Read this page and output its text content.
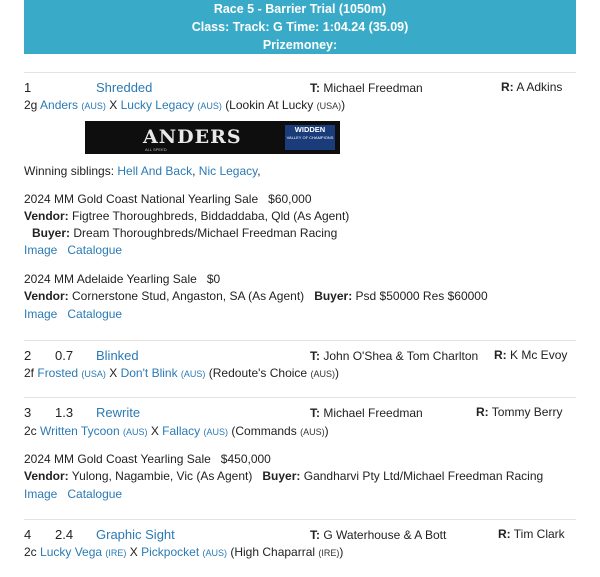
Race 5 - Barrier Trial (1050m)
Class: Track: G Time: 1:04.24 (35.09)
Prizemoney:
1	Shredded	T: Michael Freedman	R: A Adkins
2g Anders (AUS) X Lucky Legacy (AUS) (Lookin At Lucky (USA))
ANDERS
ALL SPEED
WIDDEN
VALLEY OF CHAMPIONS
Winning siblings: Hell And Back, Nic Legacy,
2024 MM Gold Coast National Yearling Sale $60,000
Vendor: Figtree Thoroughbreds, Biddaddaba, Qld (As Agent)
Buyer: Dream Thoroughbreds/Michael Freedman Racing
Image Catalogue
2024 MM Adelaide Yearling Sale $0
Vendor: Cornerstone Stud, Angaston, SA (As Agent) Buyer: Psd $50000 Res $60000
Image Catalogue
2 0.7 Blinked	T: John O'Shea & Tom Charlton R: K Mc Evoy
2f Frosted (USA) X Don't Blink (AUS) (Redoute's Choice (AUS))
3 1.3 Rewrite	T: Michael Freedman	R: Tommy Berry
2c Written Tycoon (AUS) X Fallacy (AUS) (Commands (AUS))
2024 MM Gold Coast Yearling Sale $450,000
Vendor: Yulong, Nagambie, Vic (As Agent) Buyer: Gandharvi Pty Ltd/Michael Freedman Racing
Image Catalogue
4 2.4 Graphic Sight	T: G Waterhouse & A Bott	R: Tim Clark
2c Lucky Vega (IRE) X Pickpocket (AUS) (High Chaparral (IRE))
